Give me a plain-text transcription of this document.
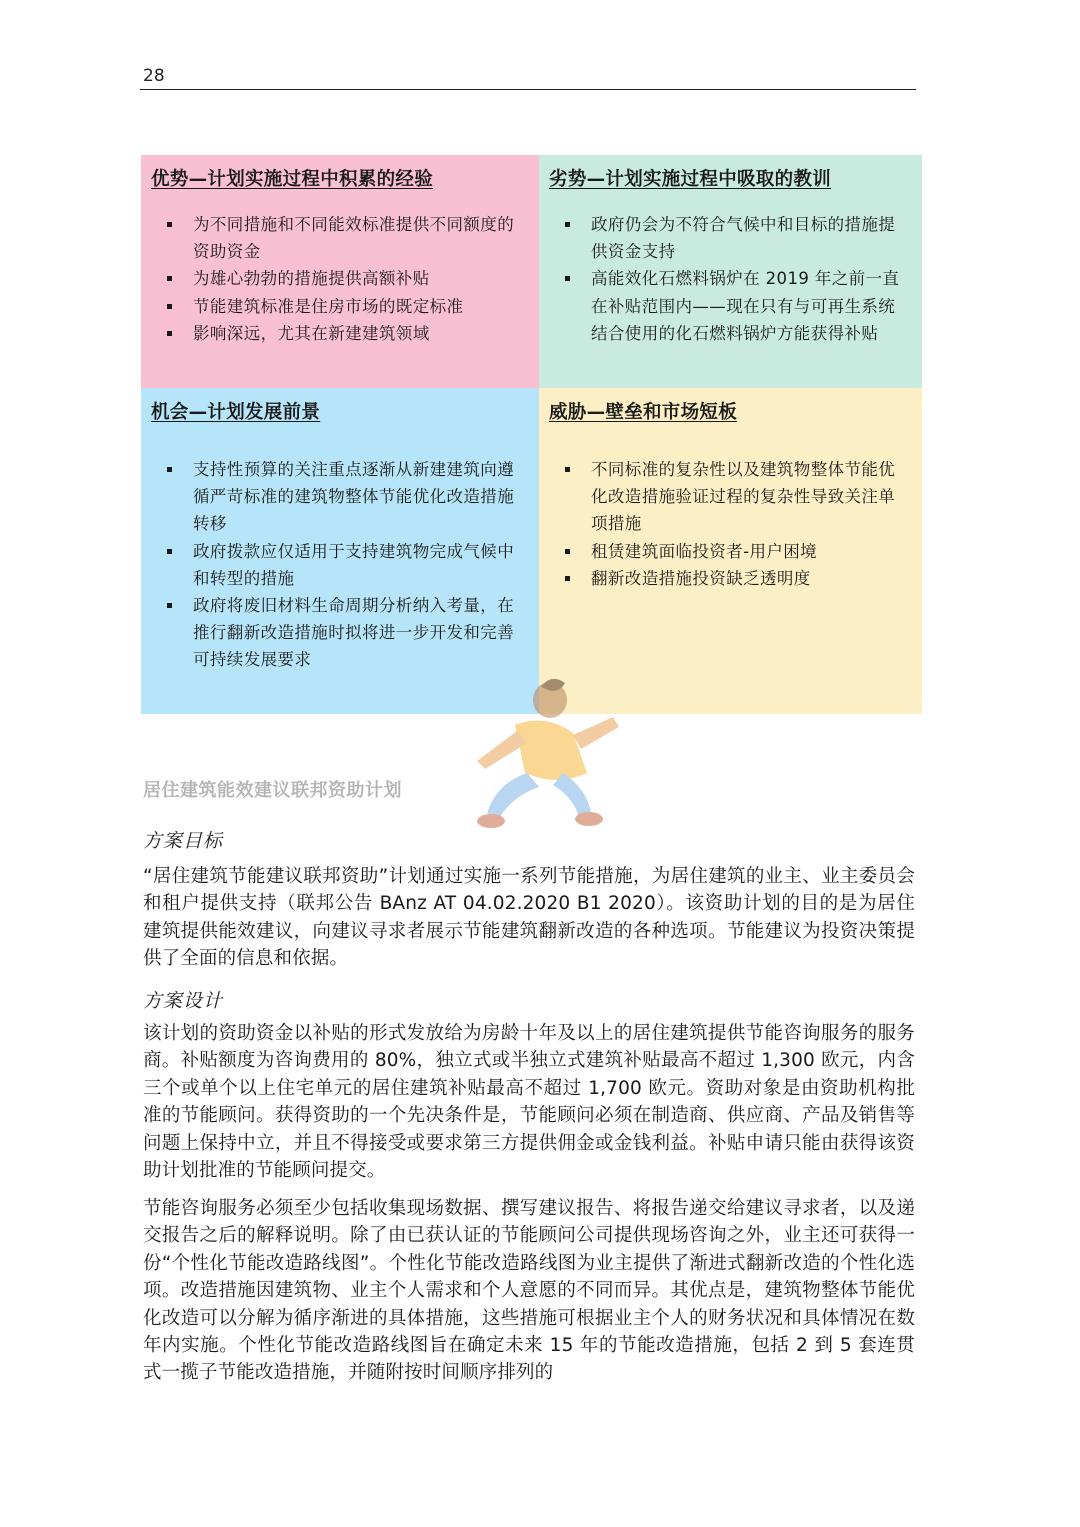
28
优势—计划实施过程中积累的经验
为不同措施和不同能效标准提供不同额度的资助资金
为雄心勃勃的措施提供高额补贴
节能建筑标准是住房市场的既定标准
影响深远，尤其在新建建筑领域
劣势—计划实施过程中吸取的教训
政府仍会为不符合气候中和目标的措施提供资金支持
高能效化石燃料锅炉在 2019 年之前一直在补贴范围内——现在只有与可再生系统结合使用的化石燃料锅炉方能获得补贴
机会—计划发展前景
支持性预算的关注重点逐渐从新建建筑向遵循严苛标准的建筑物整体节能优化改造措施转移
政府拨款应仅适用于支持建筑物完成气候中和转型的措施
政府将废旧材料生命周期分析纳入考量，在推行翻新改造措施时拟将进一步开发和完善可持续发展要求
威胁—壁垒和市场短板
不同标准的复杂性以及建筑物整体节能优化改造措施验证过程的复杂性导致关注单项措施
租赁建筑面临投资者-用户困境
翻新改造措施投资缺乏透明度
居住建筑能效建议联邦资助计划
方案目标

“居住建筑节能建议联邦资助”计划通过实施一系列节能措施，为居住建筑的业主、业主委员会和租户提供支持（联邦公告 BAnz AT 04.02.2020 B1 2020）。该资助计划的目的是为居住建筑提供能效建议，向建议寻求者展示节能建筑翻新改造的各种选项。节能建议为投资决策提供了全面的信息和依据。

方案设计

该计划的资助资金以补贴的形式发放给为房龄十年及以上的居住建筑提供节能咨询服务的服务商。补贴额度为咨询费用的 80%，独立式或半独立式建筑补贴最高不超过 1,300 欧元，内含三个或单个以上住宅单元的居住建筑补贴最高不超过 1,700 欧元。资助对象是由资助机构批准的节能顾问。获得资助的一个先决条件是，节能顾问必须在制造商、供应商、产品及销售等问题上保持中立，并且不得接受或要求第三方提供佣金或金钱利益。补贴申请只能由获得该资助计划批准的节能顾问提交。

节能咨询服务必须至少包括收集现场数据、撰写建议报告、将报告递交给建议寻求者，以及递交报告之后的解释说明。除了由已获认证的节能顾问公司提供现场咨询之外，业主还可获得一份“个性化节能改造路线图”。个性化节能改造路线图为业主提供了渐进式翻新改造的个性化选项。改造措施因建筑物、业主个人需求和个人意愿的不同而异。其优点是，建筑物整体节能优化改造可以分解为循序渐进的具体措施，这些措施可根据业主个人的财务状况和具体情况在数年内实施。个性化节能改造路线图旨在确定未来 15 年的节能改造措施，包括 2 到 5 套连贯式一揽子节能改造措施，并随附按时间顺序排列的
